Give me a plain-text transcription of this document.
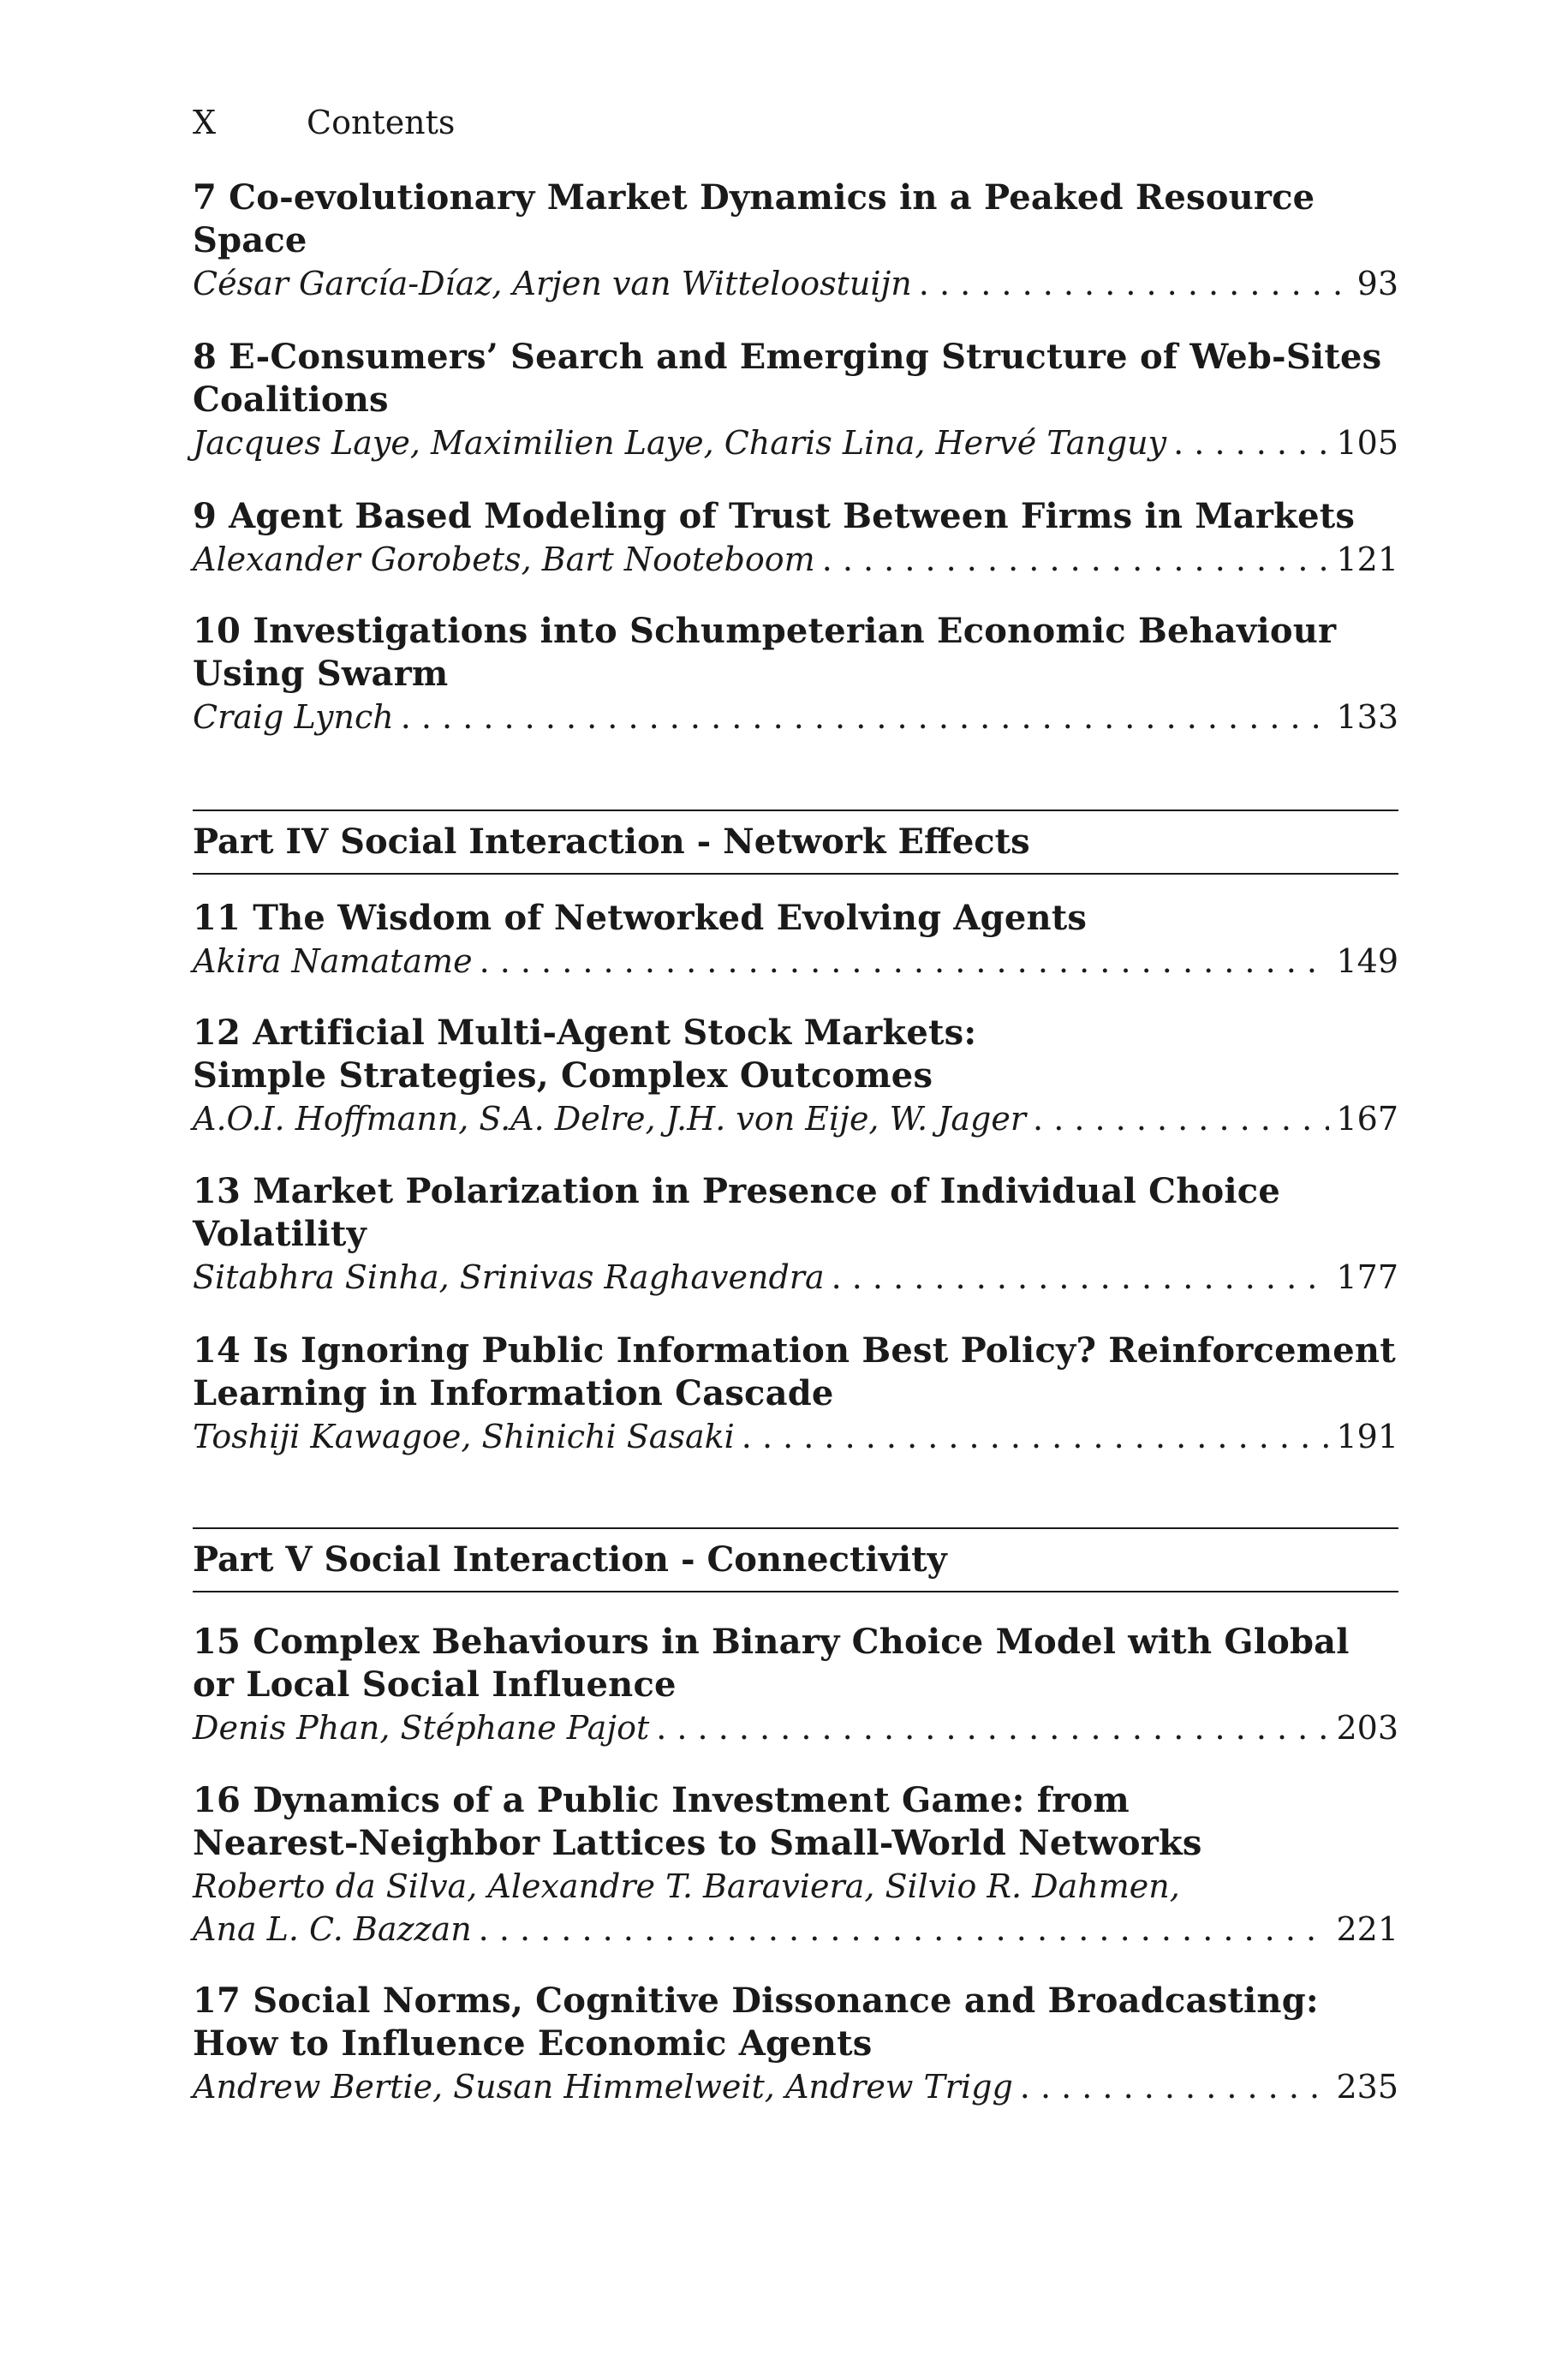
X	Contents
7 Co-evolutionary Market Dynamics in a Peaked Resource
Space
César García-Díaz, Arjen van Witteloostuijn . . .	93
8 E-Consumers’ Search and Emerging Structure of Web-Sites
Coalitions
Jacques Laye, Maximilien Laye, Charis Lina, Hervé Tanguy . . .	105
9 Agent Based Modeling of Trust Between Firms in Markets
Alexander Gorobets, Bart Nooteboom . . .	121
10 Investigations into Schumpeterian Economic Behaviour
Using Swarm
Craig Lynch . . .	133
Part IV Social Interaction - Network Effects
11 The Wisdom of Networked Evolving Agents
Akira Namatame . . .	149
12 Artificial Multi-Agent Stock Markets:
Simple Strategies, Complex Outcomes
A.O.I. Hoffmann, S.A. Delre, J.H. von Eije, W. Jager . . .	167
13 Market Polarization in Presence of Individual Choice
Volatility
Sitabhra Sinha, Srinivas Raghavendra . . .	177
14 Is Ignoring Public Information Best Policy? Reinforcement
Learning in Information Cascade
Toshiji Kawagoe, Shinichi Sasaki . . .	191
Part V Social Interaction - Connectivity
15 Complex Behaviours in Binary Choice Model with Global
or Local Social Influence
Denis Phan, Stéphane Pajot . . .	203
16 Dynamics of a Public Investment Game: from
Nearest-Neighbor Lattices to Small-World Networks
Roberto da Silva, Alexandre T. Baraviera, Silvio R. Dahmen,
Ana L. C. Bazzan . . .	221
17 Social Norms, Cognitive Dissonance and Broadcasting:
How to Influence Economic Agents
Andrew Bertie, Susan Himmelweit, Andrew Trigg . . .	235
